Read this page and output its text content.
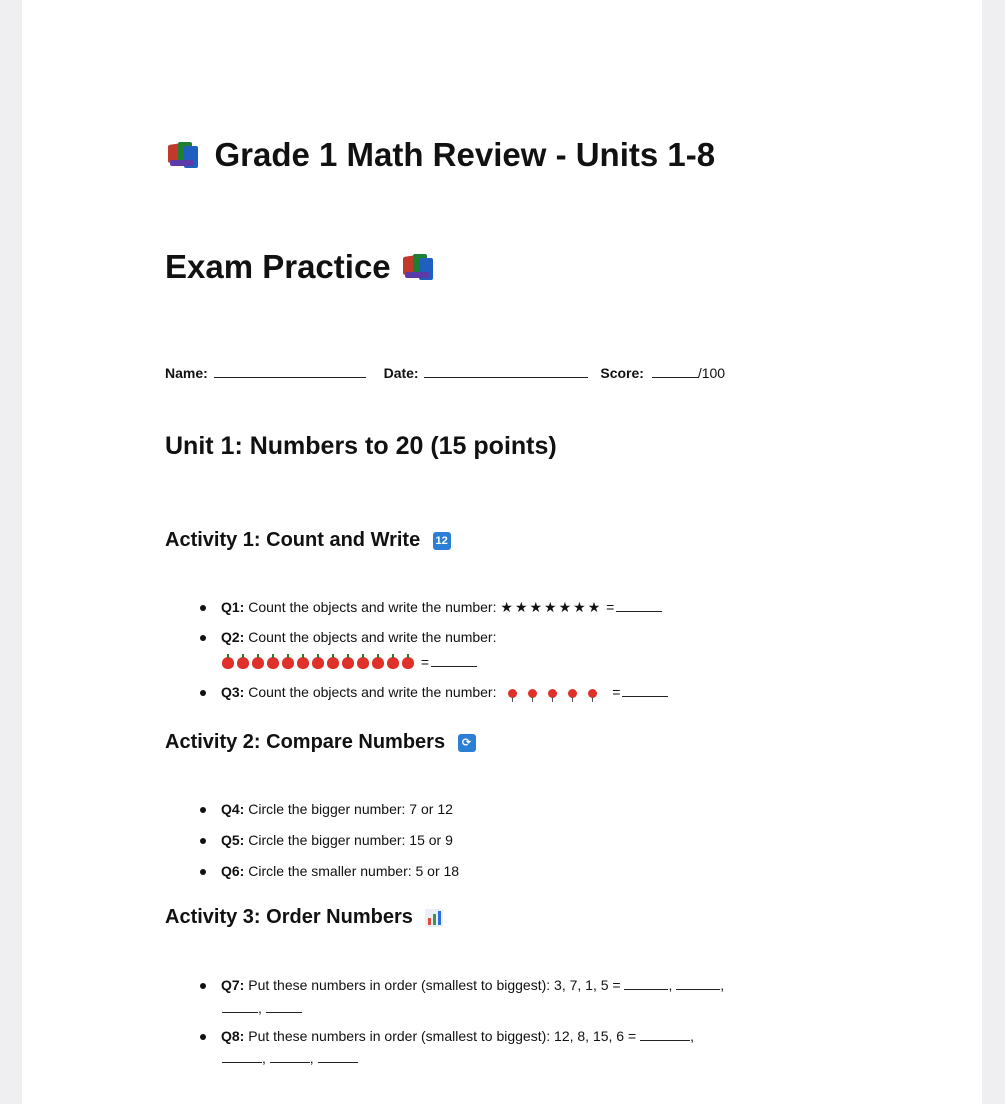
Grade 1 Math Review - Units 1-8
Exam Practice
Name:	Date:	Score:	/100
Unit 1: Numbers to 20 (15 points)
Activity 1: Count and Write 12
Q1: Count the objects and write the number: ★★★★★★★ =
Q2: Count the objects and write the number:
=
Q3: Count the objects and write the number:	=
Activity 2: Compare Numbers ⟳
Q4: Circle the bigger number: 7 or 12
Q5: Circle the bigger number: 15 or 9
Q6: Circle the smaller number: 5 or 18
Activity 3: Order Numbers
Q7: Put these numbers in order (smallest to biggest): 3, 7, 1, 5 =	,	,
,
Q8: Put these numbers in order (smallest to biggest): 12, 8, 15, 6 =	,
,	,
